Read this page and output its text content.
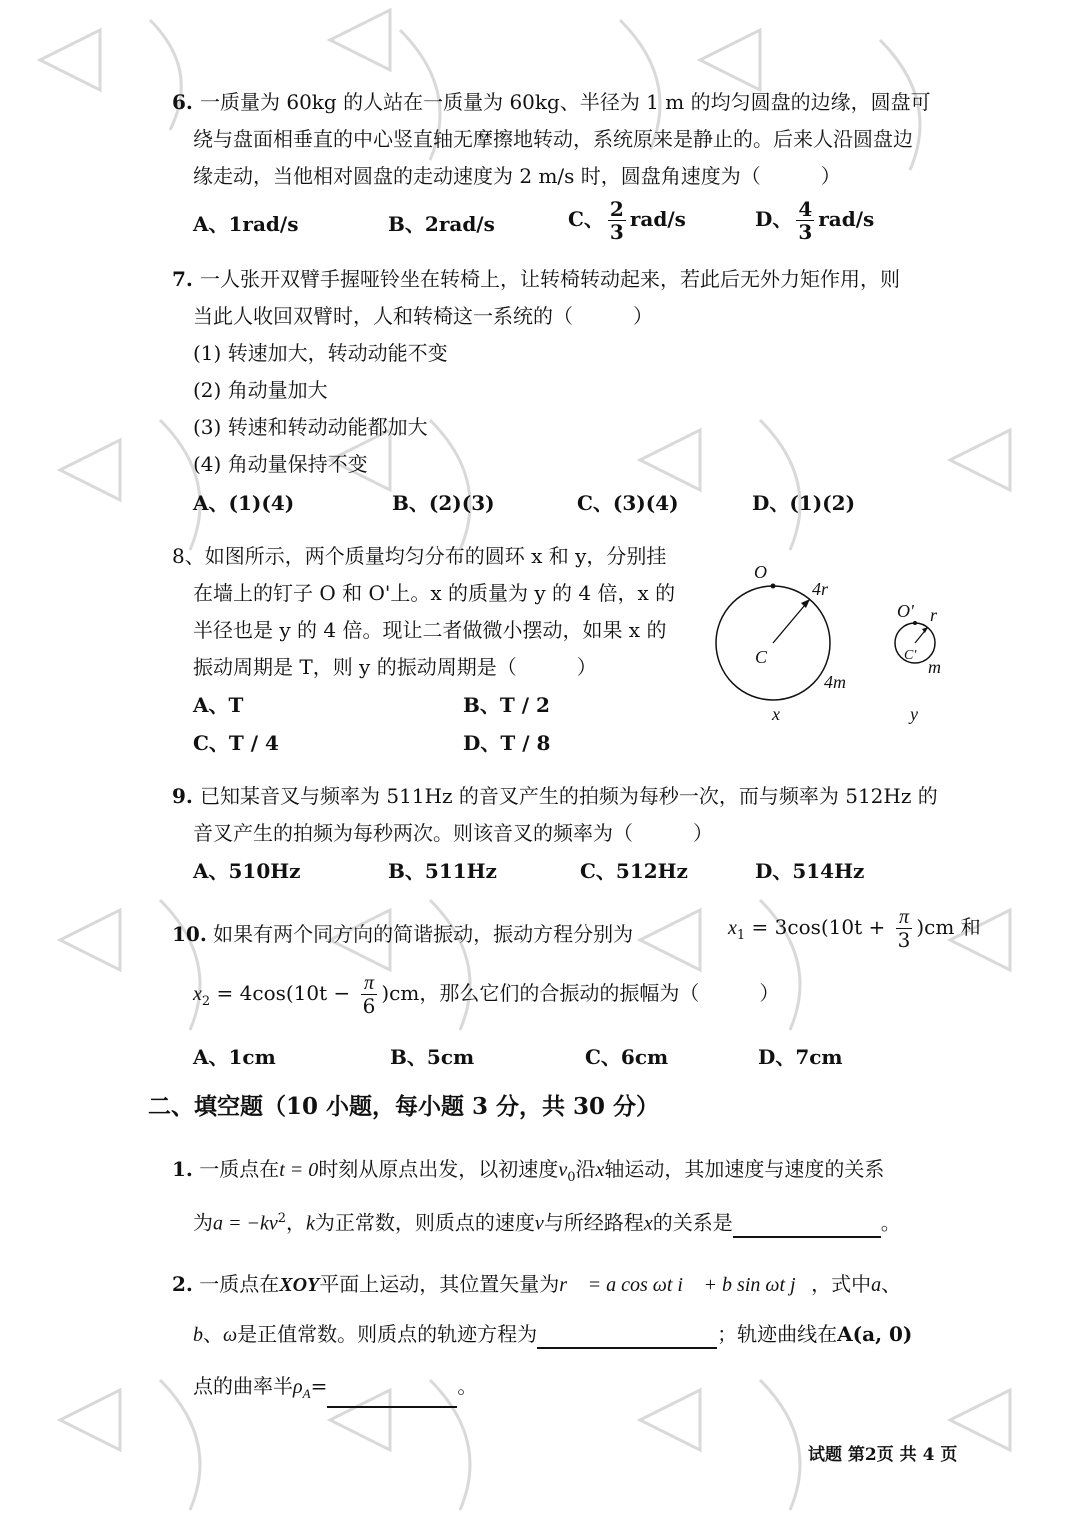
6. 一质量为 60kg 的人站在一质量为 60kg、半径为 1 m 的均匀圆盘的边缘，圆盘可
绕与盘面相垂直的中心竖直轴无摩擦地转动，系统原来是静止的。后来人沿圆盘边
缘走动，当他相对圆盘的走动速度为 2 m/s 时，圆盘角速度为（　　　）
A、1rad/s	B、2rad/s	C、 $\frac{2}{3} rad/s$	D、 $\frac{4}{3} rad/s$
7. 一人张开双臂手握哑铃坐在转椅上，让转椅转动起来，若此后无外力矩作用，则
当此人收回双臂时，人和转椅这一系统的（　　　）
(1) 转速加大，转动动能不变
(2) 角动量加大
(3) 转速和转动动能都加大
(4) 角动量保持不变
A、(1)(4)	B、(2)(3)	C、(3)(4)	D、(1)(2)
8、如图所示，两个质量均匀分布的圆环 x 和 y，分别挂
在墙上的钉子 O 和 O'上。x 的质量为 y 的 4 倍，x 的
半径也是 y 的 4 倍。现让二者做微小摆动，如果 x 的
振动周期是 T，则 y 的振动周期是（　　　）
A、T	B、T / 2
C、T / 4	D、T / 8
O
4r
C
4m
x
O' r
C'
m
y
9. 已知某音叉与频率为 511Hz 的音叉产生的拍频为每秒一次，而与频率为 512Hz 的
音叉产生的拍频为每秒两次。则该音叉的频率为（　　　）
A、510Hz	B、511Hz	C、512Hz	D、514Hz
10. 如果有两个同方向的简谐振动，振动方程分别为	$x_1 = 3\cos(10t + \frac{\pi}{3} )cm$ 和
$x_2 = 4\cos(10t - \frac{\pi}{6} )cm$，那么它们的合振动的振幅为（　　　）
A、1cm	B、5cm	C、6cm	D、7cm
二、填空题（10 小题，每小题 3 分，共 30 分）
1. 一质点在t = 0时刻从原点出发，以初速度$v_0$沿x轴运动，其加速度与速度的关系
为$a = -kv^2$，k为正常数，则质点的速度v与所经路程x的关系是	。
2. 一质点在XOY平面上运动，其位置矢量为r⃗ = a cos ωt i⃗ + b sin ωt j⃗，式中a、
b、ω是正值常数。则质点的轨迹方程为	；轨迹曲线在A(a, 0)
点的曲率半$\rho_A=$	。
试题 第2页 共 4 页
